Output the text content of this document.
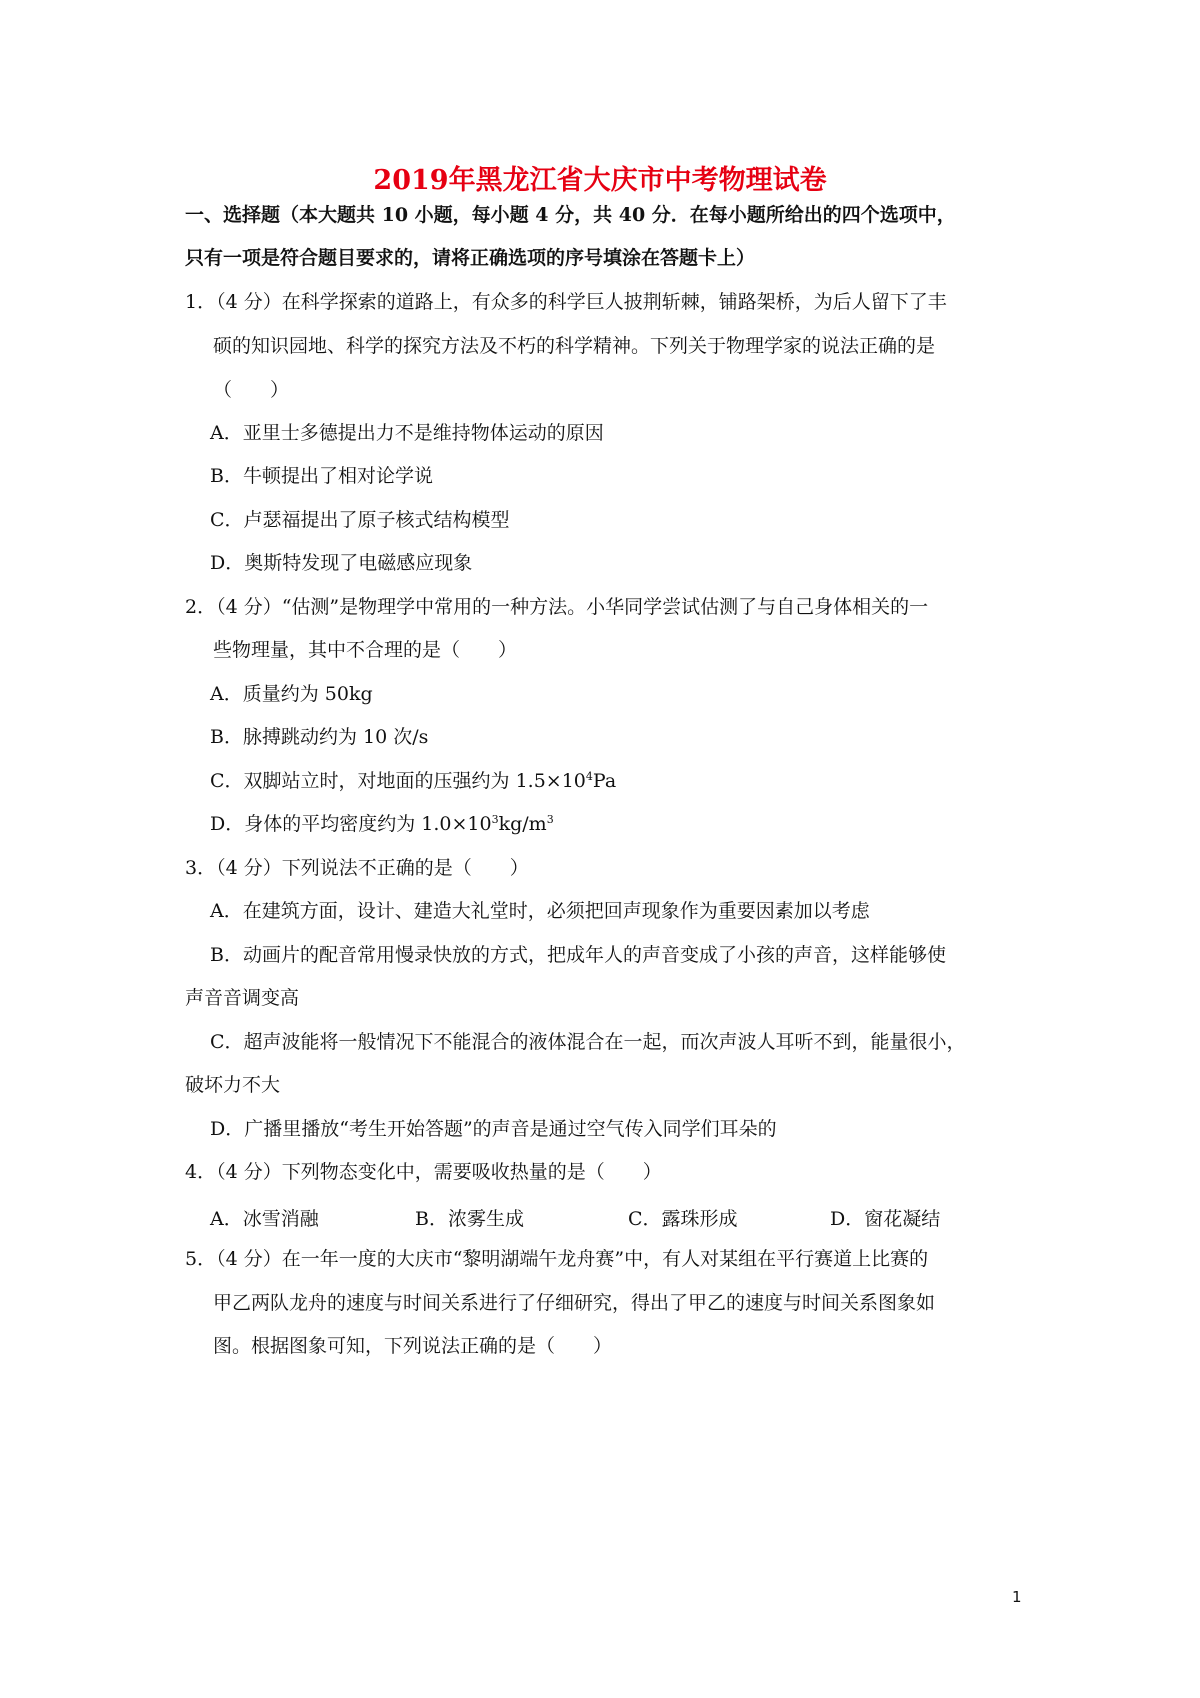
2019年黑龙江省大庆市中考物理试卷
一、选择题（本大题共 10 小题，每小题 4 分，共 40 分．在每小题所给出的四个选项中，
只有一项是符合题目要求的，请将正确选项的序号填涂在答题卡上）
1．（4 分）在科学探索的道路上，有众多的科学巨人披荆斩棘，铺路架桥，为后人留下了丰
硕的知识园地、科学的探究方法及不朽的科学精神。下列关于物理学家的说法正确的是
（　　）
A．亚里士多德提出力不是维持物体运动的原因
B．牛顿提出了相对论学说
C．卢瑟福提出了原子核式结构模型
D．奥斯特发现了电磁感应现象
2．（4 分）“估测”是物理学中常用的一种方法。小华同学尝试估测了与自己身体相关的一
些物理量，其中不合理的是（　　）
A．质量约为 50kg
B．脉搏跳动约为 10 次/s
C．双脚站立时，对地面的压强约为 $1.5\times 10^4Pa$
D．身体的平均密度约为 $1.0\times 10^3kg/m^3$
3．（4 分）下列说法不正确的是（　　）
A．在建筑方面，设计、建造大礼堂时，必须把回声现象作为重要因素加以考虑
B．动画片的配音常用慢录快放的方式，把成年人的声音变成了小孩的声音，这样能够使
声音音调变高
C．超声波能将一般情况下不能混合的液体混合在一起，而次声波人耳听不到，能量很小，
破坏力不大
D．广播里播放“考生开始答题”的声音是通过空气传入同学们耳朵的
4．（4 分）下列物态变化中，需要吸收热量的是（　　）
A．冰雪消融	B．浓雾生成	C．露珠形成	D．窗花凝结
5．（4 分）在一年一度的大庆市“黎明湖端午龙舟赛”中，有人对某组在平行赛道上比赛的
甲乙两队龙舟的速度与时间关系进行了仔细研究，得出了甲乙的速度与时间关系图象如
图。根据图象可知，下列说法正确的是（　　）
1
